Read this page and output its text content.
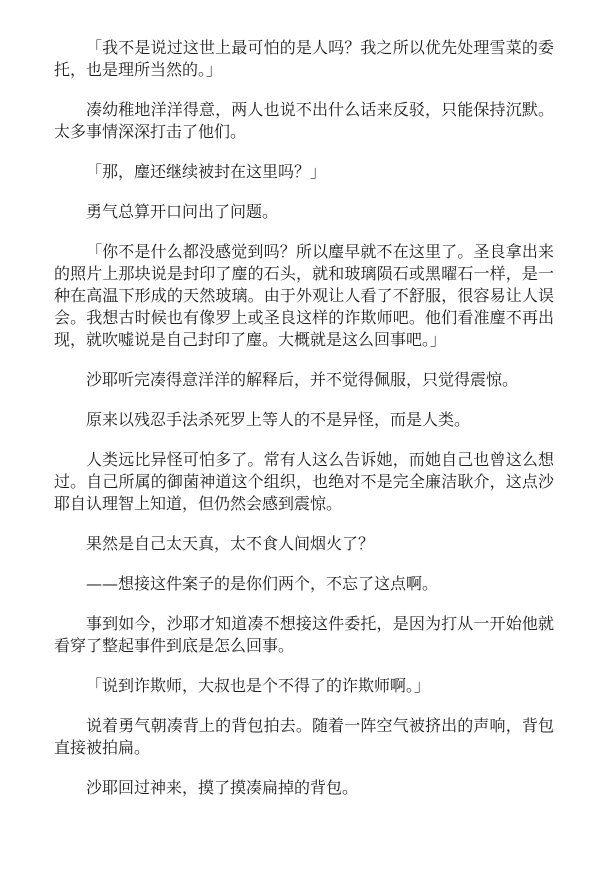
「我不是说过这世上最可怕的是人吗？我之所以优先处理雪菜的委托，也是理所当然的。」

凑幼稚地洋洋得意，两人也说不出什么话来反驳，只能保持沉默。太多事情深深打击了他们。

「那，麈还继续被封在这里吗？」

勇气总算开口问出了问题。

「你不是什么都没感觉到吗？所以麈早就不在这里了。圣良拿出来的照片上那块说是封印了麈的石头，就和玻璃陨石或黑曜石一样，是一种在高温下形成的天然玻璃。由于外观让人看了不舒服，很容易让人误会。我想古时候也有像罗上或圣良这样的诈欺师吧。他们看准麈不再出现，就吹嘘说是自己封印了麈。大概就是这么回事吧。」

沙耶听完凑得意洋洋的解释后，并不觉得佩服，只觉得震惊。

原来以残忍手法杀死罗上等人的不是异怪，而是人类。

人类远比异怪可怕多了。常有人这么告诉她，而她自己也曾这么想过。自己所属的御菌神道这个组织，也绝对不是完全廉洁耿介，这点沙耶自认理智上知道，但仍然会感到震惊。

果然是自己太天真，太不食人间烟火了？

——想接这件案子的是你们两个，不忘了这点啊。

事到如今，沙耶才知道凑不想接这件委托，是因为打从一开始他就看穿了整起事件到底是怎么回事。

「说到诈欺师，大叔也是个不得了的诈欺师啊。」

说着勇气朝凑背上的背包拍去。随着一阵空气被挤出的声响，背包直接被拍扁。

沙耶回过神来，摸了摸凑扁掉的背包。
